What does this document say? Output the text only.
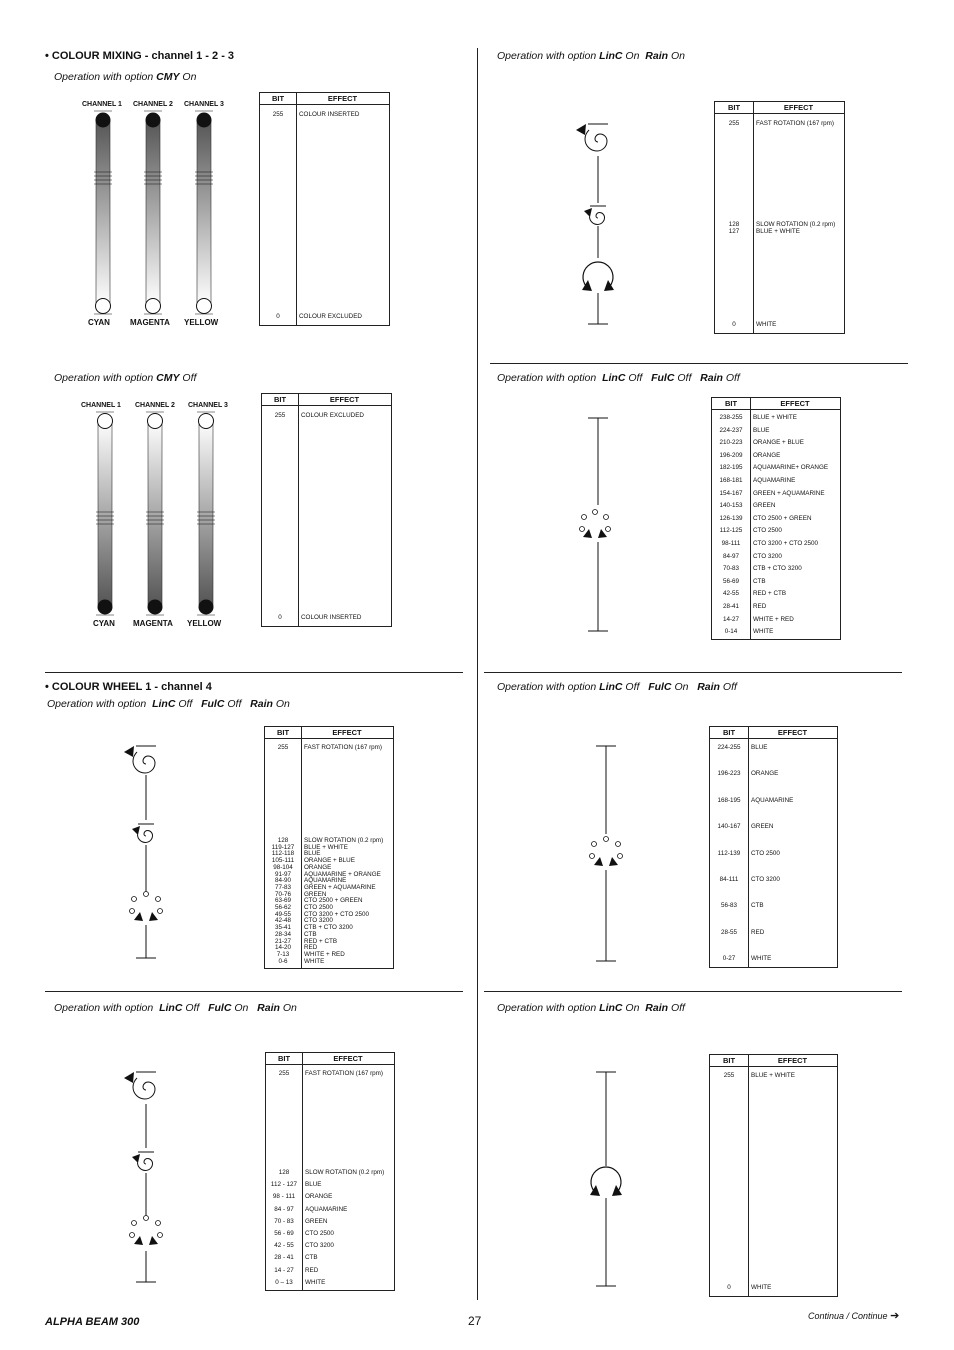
• COLOUR MIXING - channel 1 - 2 - 3
• COLOUR WHEEL 1 - channel 4
Operation with option CMY On
Operation with option CMY Off
Operation with option LinC Off FulC Off Rain On
Operation with option LinC Off FulC On Rain On
Operation with option LinC On Rain On
Operation with option LinC Off FulC Off Rain Off
Operation with option LinC Off FulC On Rain Off
Operation with option LinC On Rain Off
CHANNEL 1 CHANNEL 2 CHANNEL 3
CYAN	MAGENTA YELLOW
CHANNEL 1 CHANNEL 2 CHANNEL 3
CYAN MAGENTA YELLOW
BIT	EFFECT
255	COLOUR INSERTED
0	COLOUR EXCLUDED
BIT	EFFECT
255	COLOUR EXCLUDED
0	COLOUR INSERTED
BIT	EFFECT
255	FAST ROTATION (167 rpm)
128	SLOW ROTATION (0.2 rpm)
119-127	BLUE + WHITE
112-118	BLUE
105-111	ORANGE + BLUE
98-104	ORANGE
91-97	AQUAMARINE + ORANGE
84-90	AQUAMARINE
77-83	GREEN + AQUAMARINE
70-76	GREEN
63-69	CTO 2500 + GREEN
56-62	CTO 2500
49-55	CTO 3200 + CTO 2500
42-48	CTO 3200
35-41	CTB + CTO 3200
28-34	CTB
21-27	RED + CTB
14-20	RED
7-13	WHITE + RED
0-6	WHITE
BIT	EFFECT
255	FAST ROTATION (167 rpm)
128	SLOW ROTATION (0.2 rpm)
112 - 127	BLUE
98 - 111	ORANGE
84 - 97	AQUAMARINE
70 - 83	GREEN
56 - 69	CTO 2500
42 - 55	CTO 3200
28 - 41	CTB
14 - 27	RED
0 – 13	WHITE
BIT	EFFECT
255	FAST ROTATION (167 rpm)
128	SLOW ROTATION (0.2 rpm)
127	BLUE + WHITE
0	WHITE
BIT	EFFECT
238-255	BLUE + WHITE
224-237	BLUE
210-223	ORANGE + BLUE
196-209	ORANGE
182-195	AQUAMARINE+ ORANGE
168-181	AQUAMARINE
154-167	GREEN + AQUAMARINE
140-153	GREEN
126-139	CTO 2500 + GREEN
112-125	CTO 2500
98-111	CTO 3200 + CTO 2500
84-97	CTO 3200
70-83	CTB + CTO 3200
56-69	CTB
42-55	RED + CTB
28-41	RED
14-27	WHITE + RED
0-14	WHITE
BIT	EFFECT
224-255	BLUE
196-223	ORANGE
168-195	AQUAMARINE
140-167	GREEN
112-139	CTO 2500
84-111	CTO 3200
56-83	CTB
28-55	RED
0-27	WHITE
BIT	EFFECT
255	BLUE + WHITE
0	WHITE
ALPHA BEAM 300	27	Continua / Continue ➔
